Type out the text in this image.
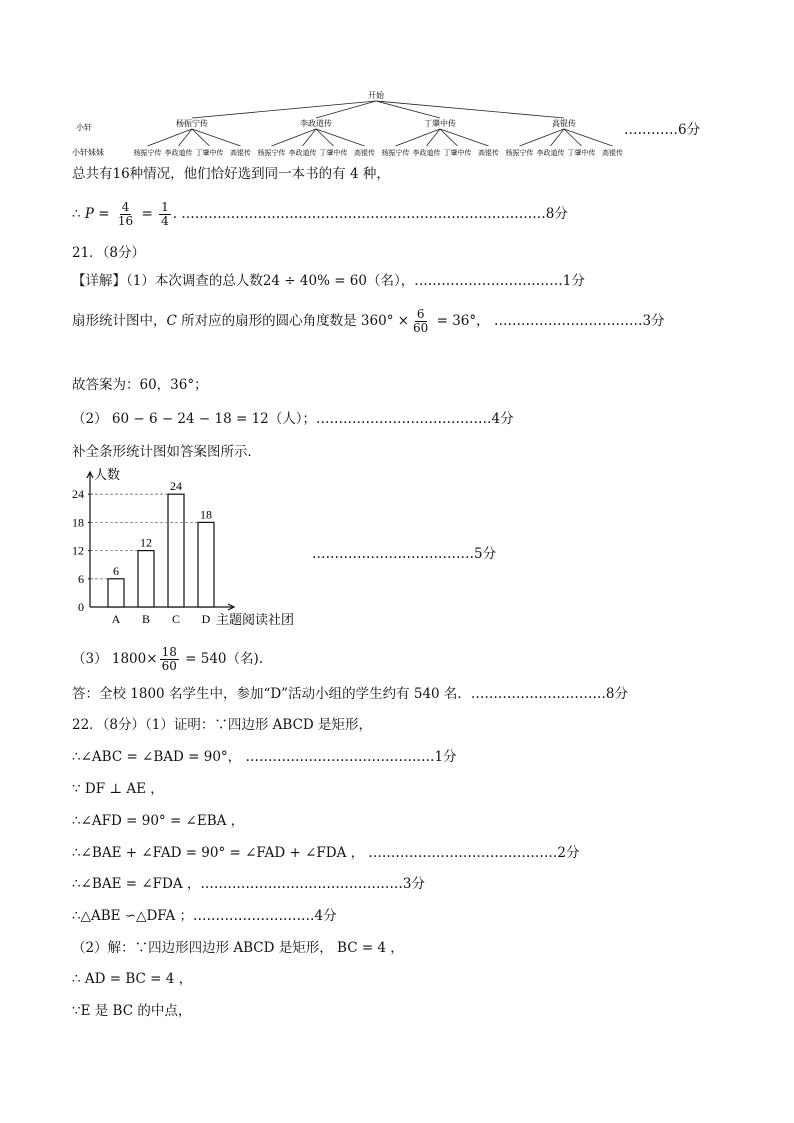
开始
小轩
小轩妹妹
杨振宁传
杨振宁传 李政道传 丁肇中传 高锟传
李政道传
杨振宁传 李政道传 丁肇中传 高锟传
丁肇中传
杨振宁传 李政道传 丁肇中传 高锟传
高锟传
杨振宁传 李政道传 丁肇中传 高锟传
…………6分
总共有16种情况，他们恰好选到同一本书的有 4 种，
∴ $P = \frac{4}{16} = \frac{1}{4}$ . ………………………………………………………………………8分
21．（8分）
【详解】（1）本次调查的总人数24 ÷ 40% = 60（名），……………………………1分
扇形统计图中，C 所对应的扇形的圆心角度数是 $360^\circ \times \frac{6}{60} = 36^\circ$， ……………………………3分
故答案为：60，36°；
（2） 60 − 6 − 24 − 18 = 12（人）；…………………………………4分
补全条形统计图如答案图所示．
人数
主题阅读社团
0
6
12
18
24
6
A
12
B
24
C
18
D
………………………………5分
（3） $1800\times \frac{18}{60} = 540$（名).
答：全校 1800 名学生中，参加“D”活动小组的学生约有 540 名．…………………………8分
22．（8分）（1）证明：∵四边形 ABCD 是矩形，
∴∠ABC = ∠BAD = 90°， ……………………………………1分
∵ DF ⊥ AE ，
∴∠AFD = 90° = ∠EBA ，
∴∠BAE + ∠FAD = 90° = ∠FAD + ∠FDA ， ……………………………………2分
∴∠BAE = ∠FDA ，………………………………………3分
∴△ABE ∽△DFA ；………………………4分
（2）解：∵四边形四边形 ABCD 是矩形， BC = 4 ，
∴ AD = BC = 4 ，
∵E 是 BC 的中点，
